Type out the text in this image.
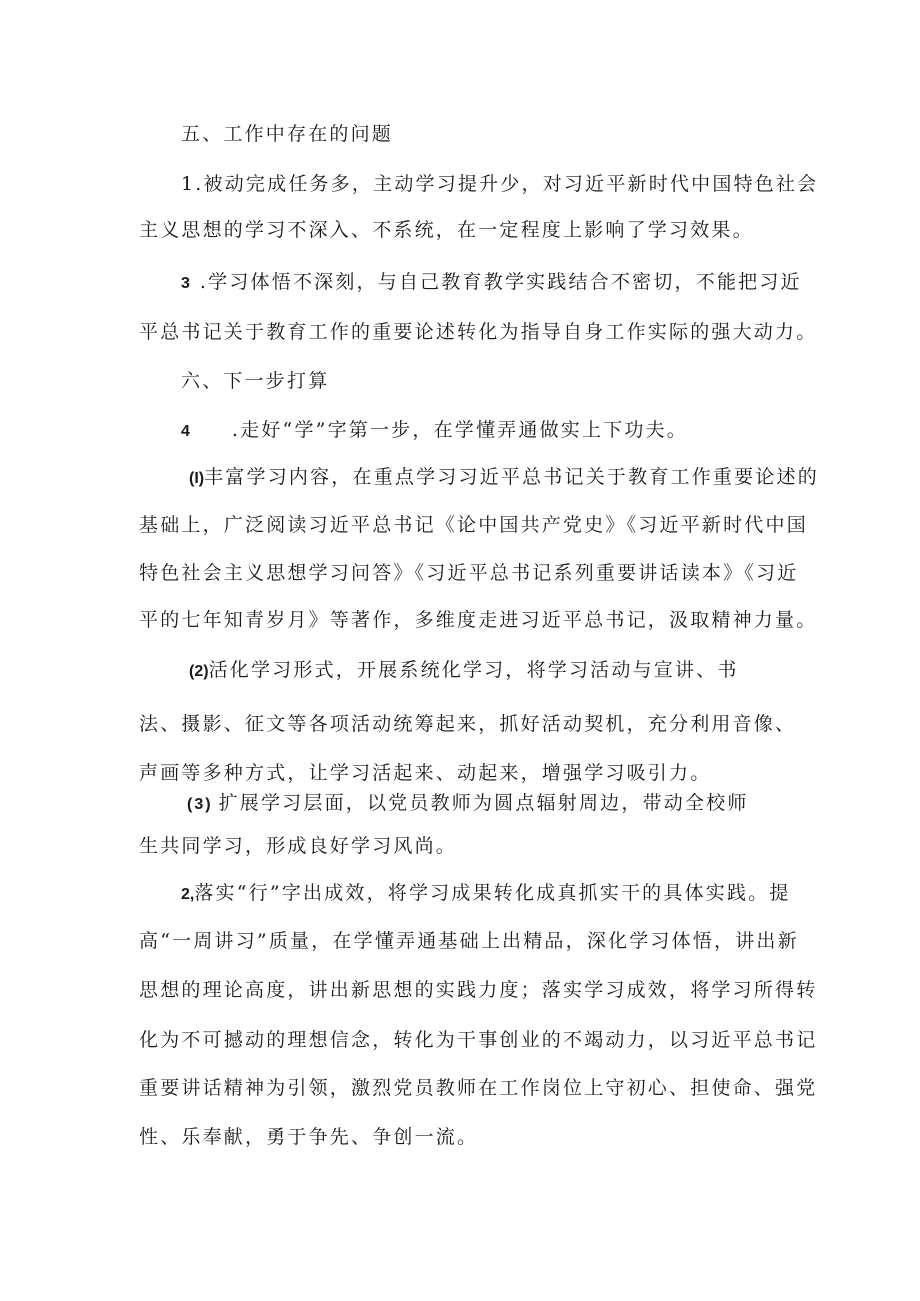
五、工作中存在的问题
1.被动完成任务多，主动学习提升少，对习近平新时代中国特色社会
主义思想的学习不深入、不系统，在一定程度上影响了学习效果。
3 .学习体悟不深刻，与自己教育教学实践结合不密切，不能把习近
平总书记关于教育工作的重要论述转化为指导自身工作实际的强大动力。
六、下一步打算
4 .走好“学”字第一步，在学懂弄通做实上下功夫。
(I)丰富学习内容，在重点学习习近平总书记关于教育工作重要论述的
基础上，广泛阅读习近平总书记《论中国共产党史》《习近平新时代中国
特色社会主义思想学习问答》《习近平总书记系列重要讲话读本》《习近
平的七年知青岁月》等著作，多维度走进习近平总书记，汲取精神力量。
(2)活化学习形式，开展系统化学习，将学习活动与宣讲、书
法、摄影、征文等各项活动统筹起来，抓好活动契机，充分利用音像、
声画等多种方式，让学习活起来、动起来，增强学习吸引力。
(3) 扩展学习层面，以党员教师为圆点辐射周边，带动全校师
生共同学习，形成良好学习风尚。
2,落实“行”字出成效，将学习成果转化成真抓实干的具体实践。提
高“一周讲习”质量，在学懂弄通基础上出精品，深化学习体悟，讲出新
思想的理论高度，讲出新思想的实践力度；落实学习成效，将学习所得转
化为不可撼动的理想信念，转化为干事创业的不竭动力，以习近平总书记
重要讲话精神为引领，激烈党员教师在工作岗位上守初心、担使命、强党
性、乐奉献，勇于争先、争创一流。
